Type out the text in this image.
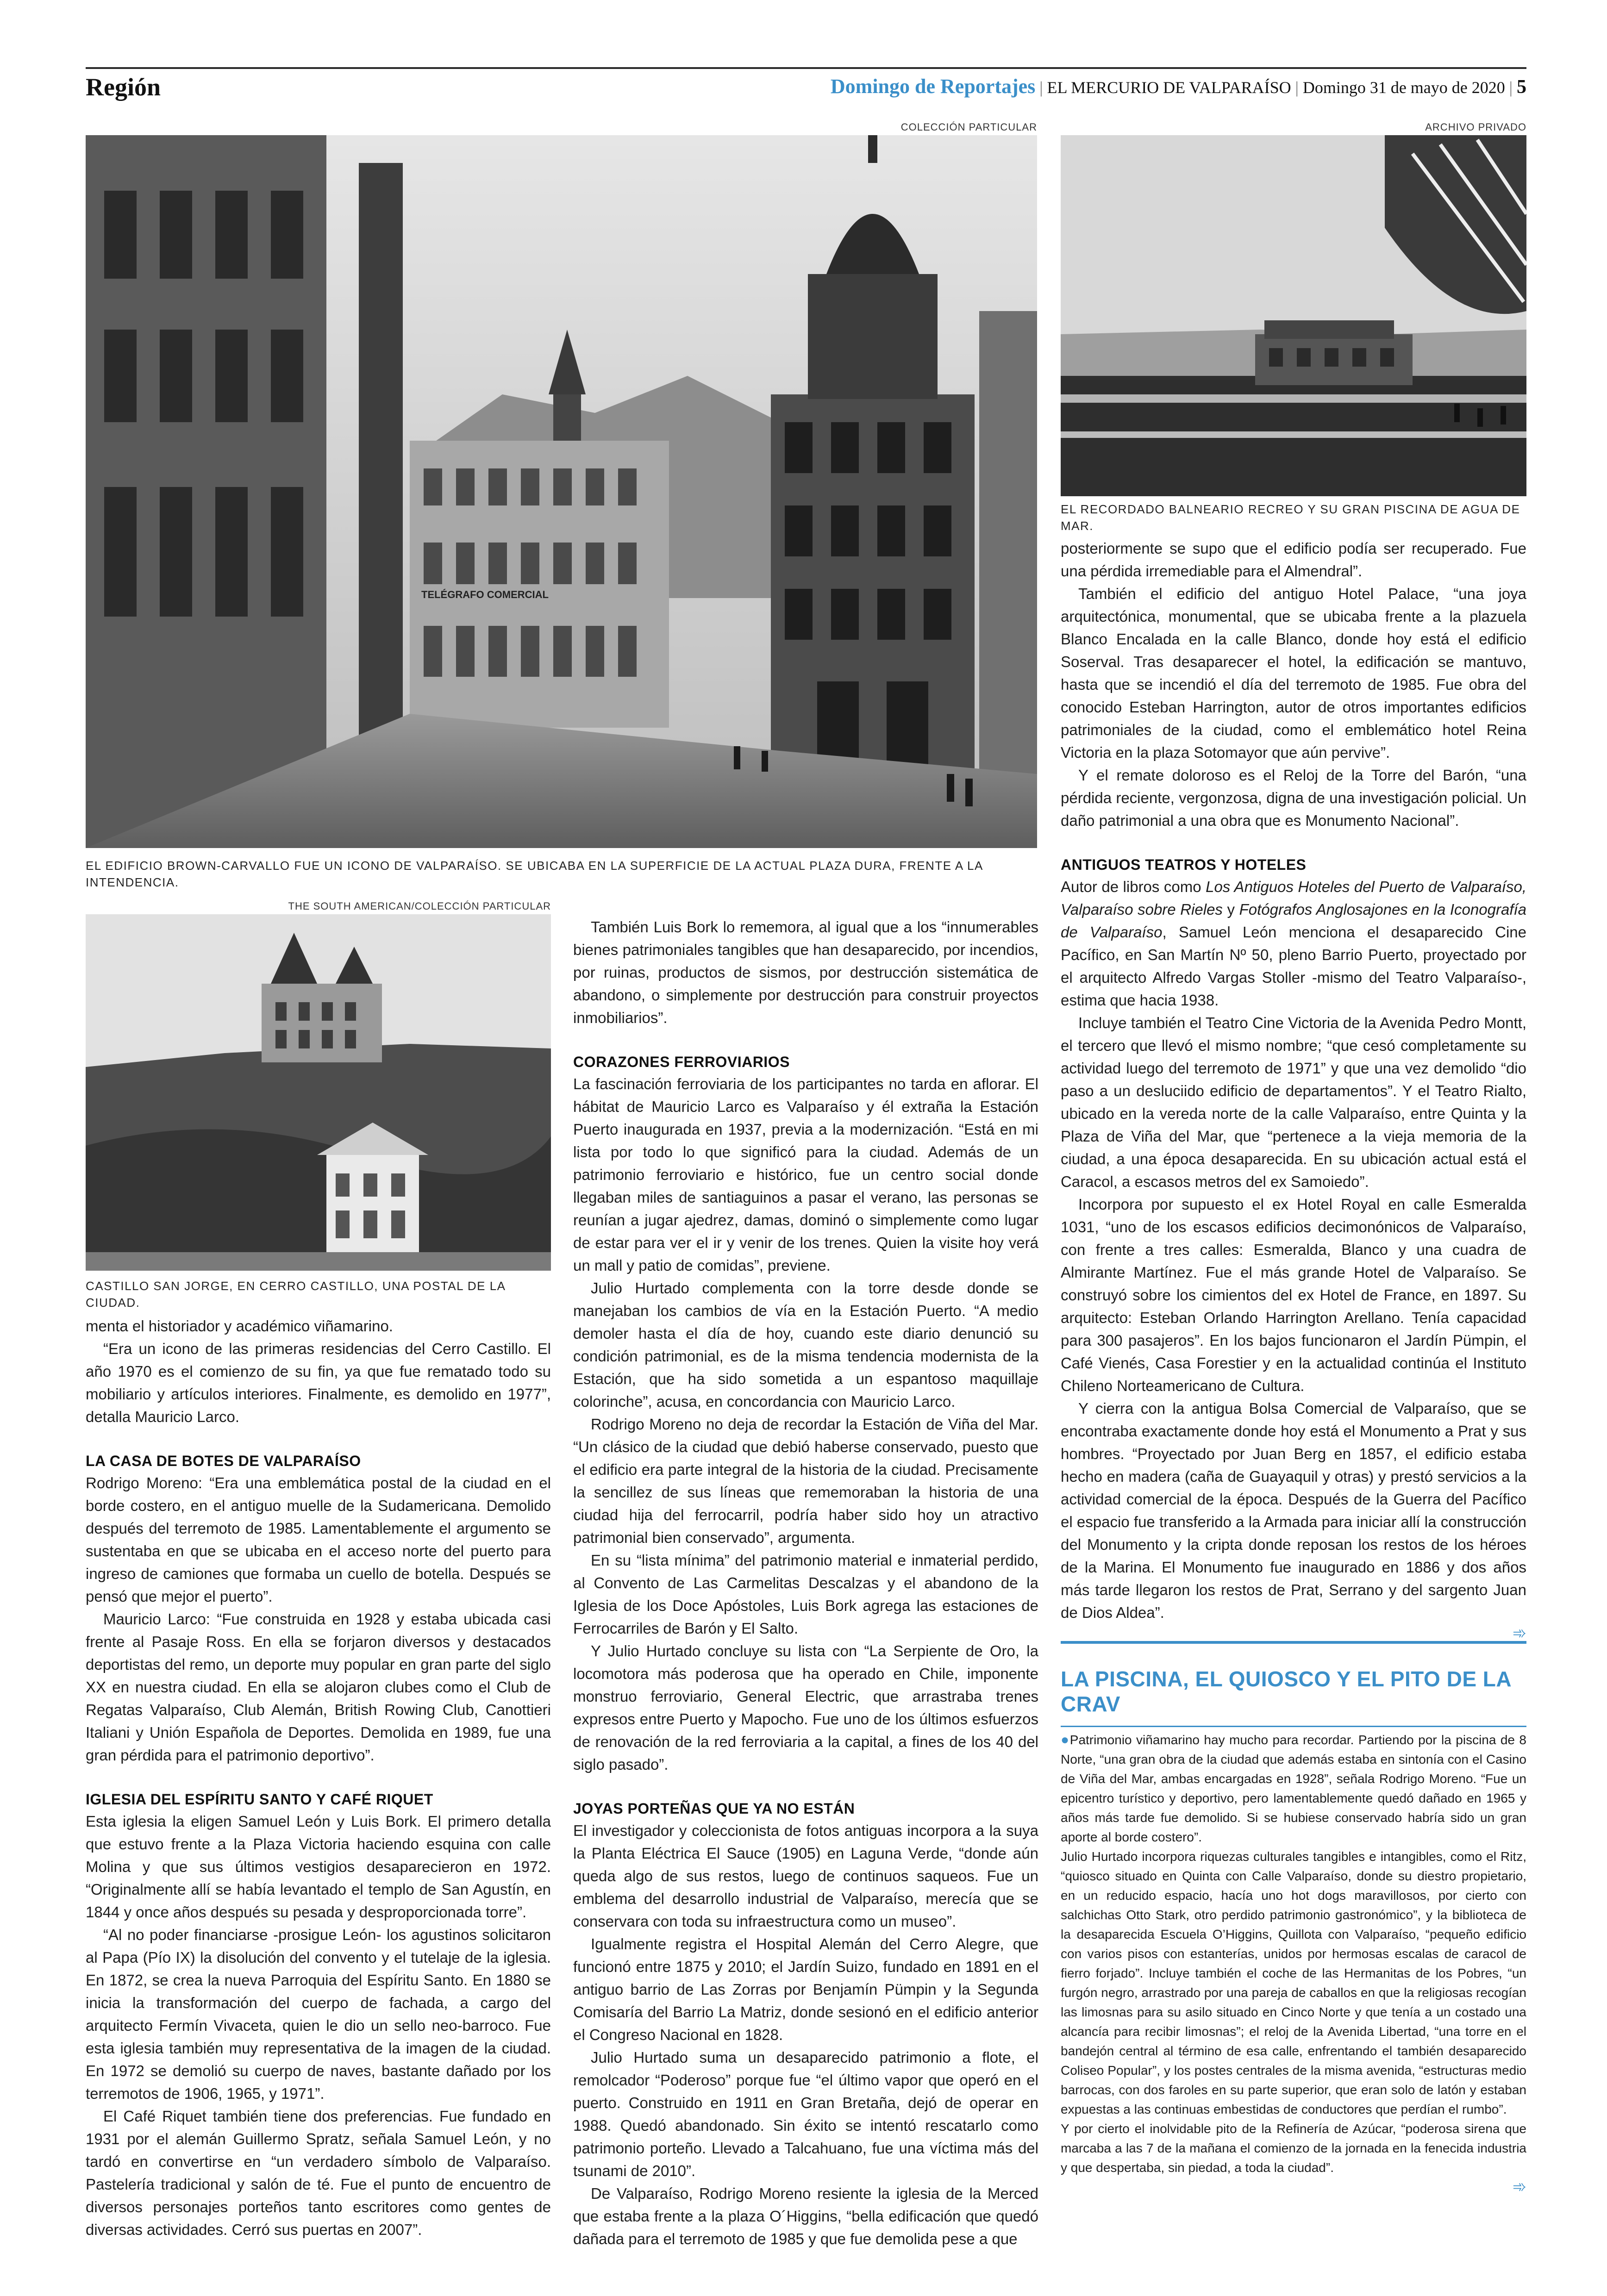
Región	Domingo de Reportajes | EL MERCURIO DE VALPARAÍSO | Domingo 31 de mayo de 2020 | 5
COLECCIÓN PARTICULAR
TELÉGRAFO COMERCIAL
EL EDIFICIO BROWN-CARVALLO FUE UN ICONO DE VALPARAÍSO. SE UBICABA EN LA SUPERFICIE DE LA ACTUAL PLAZA DURA, FRENTE A LA INTENDENCIA.
ARCHIVO PRIVADO
EL RECORDADO BALNEARIO RECREO Y SU GRAN PISCINA DE AGUA DE MAR.
THE SOUTH AMERICAN/COLECCIÓN PARTICULAR
CASTILLO SAN JORGE, EN CERRO CASTILLO, UNA POSTAL DE LA CIUDAD.

menta el historiador y académico viñamarino.

“Era un icono de las primeras residencias del Cerro Castillo. El año 1970 es el comienzo de su fin, ya que fue rematado todo su mobiliario y artículos interiores. Finalmente, es demolido en 1977”, detalla Mauricio Larco.

LA CASA DE BOTES DE VALPARAÍSO

Rodrigo Moreno: “Era una emblemática postal de la ciudad en el borde costero, en el antiguo muelle de la Sudamericana. Demolido después del terremoto de 1985. Lamentablemente el argumento se sustentaba en que se ubicaba en el acceso norte del puerto para ingreso de camiones que formaba un cuello de botella. Después se pensó que mejor el puerto”.

Mauricio Larco: “Fue construida en 1928 y estaba ubicada casi frente al Pasaje Ross. En ella se forjaron diversos y destacados deportistas del remo, un deporte muy popular en gran parte del siglo XX en nuestra ciudad. En ella se alojaron clubes como el Club de Regatas Valparaíso, Club Alemán, British Rowing Club, Canottieri Italiani y Unión Española de Deportes. Demolida en 1989, fue una gran pérdida para el patrimonio deportivo”.

IGLESIA DEL ESPÍRITU SANTO Y CAFÉ RIQUET

Esta iglesia la eligen Samuel León y Luis Bork. El primero detalla que estuvo frente a la Plaza Victoria haciendo esquina con calle Molina y que sus últimos vestigios desaparecieron en 1972. “Originalmente allí se había levantado el templo de San Agustín, en 1844 y once años después su pesada y desproporcionada torre”.

“Al no poder financiarse -prosigue León- los agustinos solicitaron al Papa (Pío IX) la disolución del convento y el tutelaje de la iglesia. En 1872, se crea la nueva Parroquia del Espíritu Santo. En 1880 se inicia la transformación del cuerpo de fachada, a cargo del arquitecto Fermín Vivaceta, quien le dio un sello neo-barroco. Fue esta iglesia también muy representativa de la imagen de la ciudad. En 1972 se demolió su cuerpo de naves, bastante dañado por los terremotos de 1906, 1965, y 1971”.

El Café Riquet también tiene dos preferencias. Fue fundado en 1931 por el alemán Guillermo Spratz, señala Samuel León, y no tardó en convertirse en “un verdadero símbolo de Valparaíso. Pastelería tradicional y salón de té. Fue el punto de encuentro de diversos personajes porteños tanto escritores como gentes de diversas actividades. Cerró sus puertas en 2007”.

También Luis Bork lo rememora, al igual que a los “innumerables bienes patrimoniales tangibles que han desaparecido, por incendios, por ruinas, productos de sismos, por destrucción sistemática de abandono, o simplemente por destrucción para construir proyectos inmobiliarios”.

CORAZONES FERROVIARIOS

La fascinación ferroviaria de los participantes no tarda en aflorar. El hábitat de Mauricio Larco es Valparaíso y él extraña la Estación Puerto inaugurada en 1937, previa a la modernización. “Está en mi lista por todo lo que significó para la ciudad. Además de un patrimonio ferroviario e histórico, fue un centro social donde llegaban miles de santiaguinos a pasar el verano, las personas se reunían a jugar ajedrez, damas, dominó o simplemente como lugar de estar para ver el ir y venir de los trenes. Quien la visite hoy verá un mall y patio de comidas”, previene.

Julio Hurtado complementa con la torre desde donde se manejaban los cambios de vía en la Estación Puerto. “A medio demoler hasta el día de hoy, cuando este diario denunció su condición patrimonial, es de la misma tendencia modernista de la Estación, que ha sido sometida a un espantoso maquillaje colorinche”, acusa, en concordancia con Mauricio Larco.

Rodrigo Moreno no deja de recordar la Estación de Viña del Mar. “Un clásico de la ciudad que debió haberse conservado, puesto que el edificio era parte integral de la historia de la ciudad. Precisamente la sencillez de sus líneas que rememoraban la historia de una ciudad hija del ferrocarril, podría haber sido hoy un atractivo patrimonial bien conservado”, argumenta.

En su “lista mínima” del patrimonio material e inmaterial perdido, al Convento de Las Carmelitas Descalzas y el abandono de la Iglesia de los Doce Apóstoles, Luis Bork agrega las estaciones de Ferrocarriles de Barón y El Salto.

Y Julio Hurtado concluye su lista con “La Serpiente de Oro, la locomotora más poderosa que ha operado en Chile, imponente monstruo ferroviario, General Electric, que arrastraba trenes expresos entre Puerto y Mapocho. Fue uno de los últimos esfuerzos de renovación de la red ferroviaria a la capital, a fines de los 40 del siglo pasado”.

JOYAS PORTEÑAS QUE YA NO ESTÁN

El investigador y coleccionista de fotos antiguas incorpora a la suya la Planta Eléctrica El Sauce (1905) en Laguna Verde, “donde aún queda algo de sus restos, luego de continuos saqueos. Fue un emblema del desarrollo industrial de Valparaíso, merecía que se conservara con toda su infraestructura como un museo”.

Igualmente registra el Hospital Alemán del Cerro Alegre, que funcionó entre 1875 y 2010; el Jardín Suizo, fundado en 1891 en el antiguo barrio de Las Zorras por Benjamín Pümpin y la Segunda Comisaría del Barrio La Matriz, donde sesionó en el edificio anterior el Congreso Nacional en 1828.

Julio Hurtado suma un desaparecido patrimonio a flote, el remolcador “Poderoso” porque fue “el último vapor que operó en el puerto. Construido en 1911 en Gran Bretaña, dejó de operar en 1988. Quedó abandonado. Sin éxito se intentó rescatarlo como patrimonio porteño. Llevado a Talcahuano, fue una víctima más del tsunami de 2010”.

De Valparaíso, Rodrigo Moreno resiente la iglesia de la Merced que estaba frente a la plaza O´Higgins, “bella edificación que quedó dañada para el terremoto de 1985 y que fue demolida pese a que

posteriormente se supo que el edificio podía ser recuperado. Fue una pérdida irremediable para el Almendral”.

También el edificio del antiguo Hotel Palace, “una joya arquitectónica, monumental, que se ubicaba frente a la plazuela Blanco Encalada en la calle Blanco, donde hoy está el edificio Soserval. Tras desaparecer el hotel, la edificación se mantuvo, hasta que se incendió el día del terremoto de 1985. Fue obra del conocido Esteban Harrington, autor de otros importantes edificios patrimoniales de la ciudad, como el emblemático hotel Reina Victoria en la plaza Sotomayor que aún pervive”.

Y el remate doloroso es el Reloj de la Torre del Barón, “una pérdida reciente, vergonzosa, digna de una investigación policial. Un daño patrimonial a una obra que es Monumento Nacional”.

ANTIGUOS TEATROS Y HOTELES

Autor de libros como Los Antiguos Hoteles del Puerto de Valparaíso, Valparaíso sobre Rieles y Fotógrafos Anglosajones en la Iconografía de Valparaíso, Samuel León menciona el desaparecido Cine Pacífico, en San Martín Nº 50, pleno Barrio Puerto, proyectado por el arquitecto Alfredo Vargas Stoller -mismo del Teatro Valparaíso-, estima que hacia 1938.

Incluye también el Teatro Cine Victoria de la Avenida Pedro Montt, el tercero que llevó el mismo nombre; “que cesó completamente su actividad luego del terremoto de 1971” y que una vez demolido “dio paso a un desluciido edificio de departamentos”. Y el Teatro Rialto, ubicado en la vereda norte de la calle Valparaíso, entre Quinta y la Plaza de Viña del Mar, que “pertenece a la vieja memoria de la ciudad, a una época desaparecida. En su ubicación actual está el Caracol, a escasos metros del ex Samoiedo”.

Incorpora por supuesto el ex Hotel Royal en calle Esmeralda 1031, “uno de los escasos edificios decimonónicos de Valparaíso, con frente a tres calles: Esmeralda, Blanco y una cuadra de Almirante Martínez. Fue el más grande Hotel de Valparaíso. Se construyó sobre los cimientos del ex Hotel de France, en 1897. Su arquitecto: Esteban Orlando Harrington Arellano. Tenía capacidad para 300 pasajeros”. En los bajos funcionaron el Jardín Pümpin, el Café Vienés, Casa Forestier y en la actualidad continúa el Instituto Chileno Norteamericano de Cultura.

Y cierra con la antigua Bolsa Comercial de Valparaíso, que se encontraba exactamente donde hoy está el Monumento a Prat y sus hombres. “Proyectado por Juan Berg en 1857, el edificio estaba hecho en madera (caña de Guayaquil y otras) y prestó servicios a la actividad comercial de la época. Después de la Guerra del Pacífico el espacio fue transferido a la Armada para iniciar allí la construcción del Monumento y la cripta donde reposan los restos de los héroes de la Marina. El Monumento fue inaugurado en 1886 y dos años más tarde llegaron los restos de Prat, Serrano y del sargento Juan de Dios Aldea”.

➾
LA PISCINA, EL QUIOSCO Y EL PITO DE LA CRAV

●Patrimonio viñamarino hay mucho para recordar. Partiendo por la piscina de 8 Norte, “una gran obra de la ciudad que además estaba en sintonía con el Casino de Viña del Mar, ambas encargadas en 1928”, señala Rodrigo Moreno. “Fue un epicentro turístico y deportivo, pero lamentablemente quedó dañado en 1965 y años más tarde fue demolido. Si se hubiese conservado habría sido un gran aporte al borde costero”.

Julio Hurtado incorpora riquezas culturales tangibles e intangibles, como el Ritz, “quiosco situado en Quinta con Calle Valparaíso, donde su diestro propietario, en un reducido espacio, hacía uno hot dogs maravillosos, por cierto con salchichas Otto Stark, otro perdido patrimonio gastronómico”, y la biblioteca de la desaparecida Escuela O’Higgins, Quillota con Valparaíso, “pequeño edificio con varios pisos con estanterías, unidos por hermosas escalas de caracol de fierro forjado”. Incluye también el coche de las Hermanitas de los Pobres, “un furgón negro, arrastrado por una pareja de caballos en que la religiosas recogían las limosnas para su asilo situado en Cinco Norte y que tenía a un costado una alcancía para recibir limosnas”; el reloj de la Avenida Libertad, “una torre en el bandejón central al término de esa calle, enfrentando el también desaparecido Coliseo Popular”, y los postes centrales de la misma avenida, “estructuras medio barrocas, con dos faroles en su parte superior, que eran solo de latón y estaban expuestas a las continuas embestidas de conductores que perdían el rumbo”.

Y por cierto el inolvidable pito de la Refinería de Azúcar, “poderosa sirena que marcaba a las 7 de la mañana el comienzo de la jornada en la fenecida industria y que despertaba, sin piedad, a toda la ciudad”.

➾
